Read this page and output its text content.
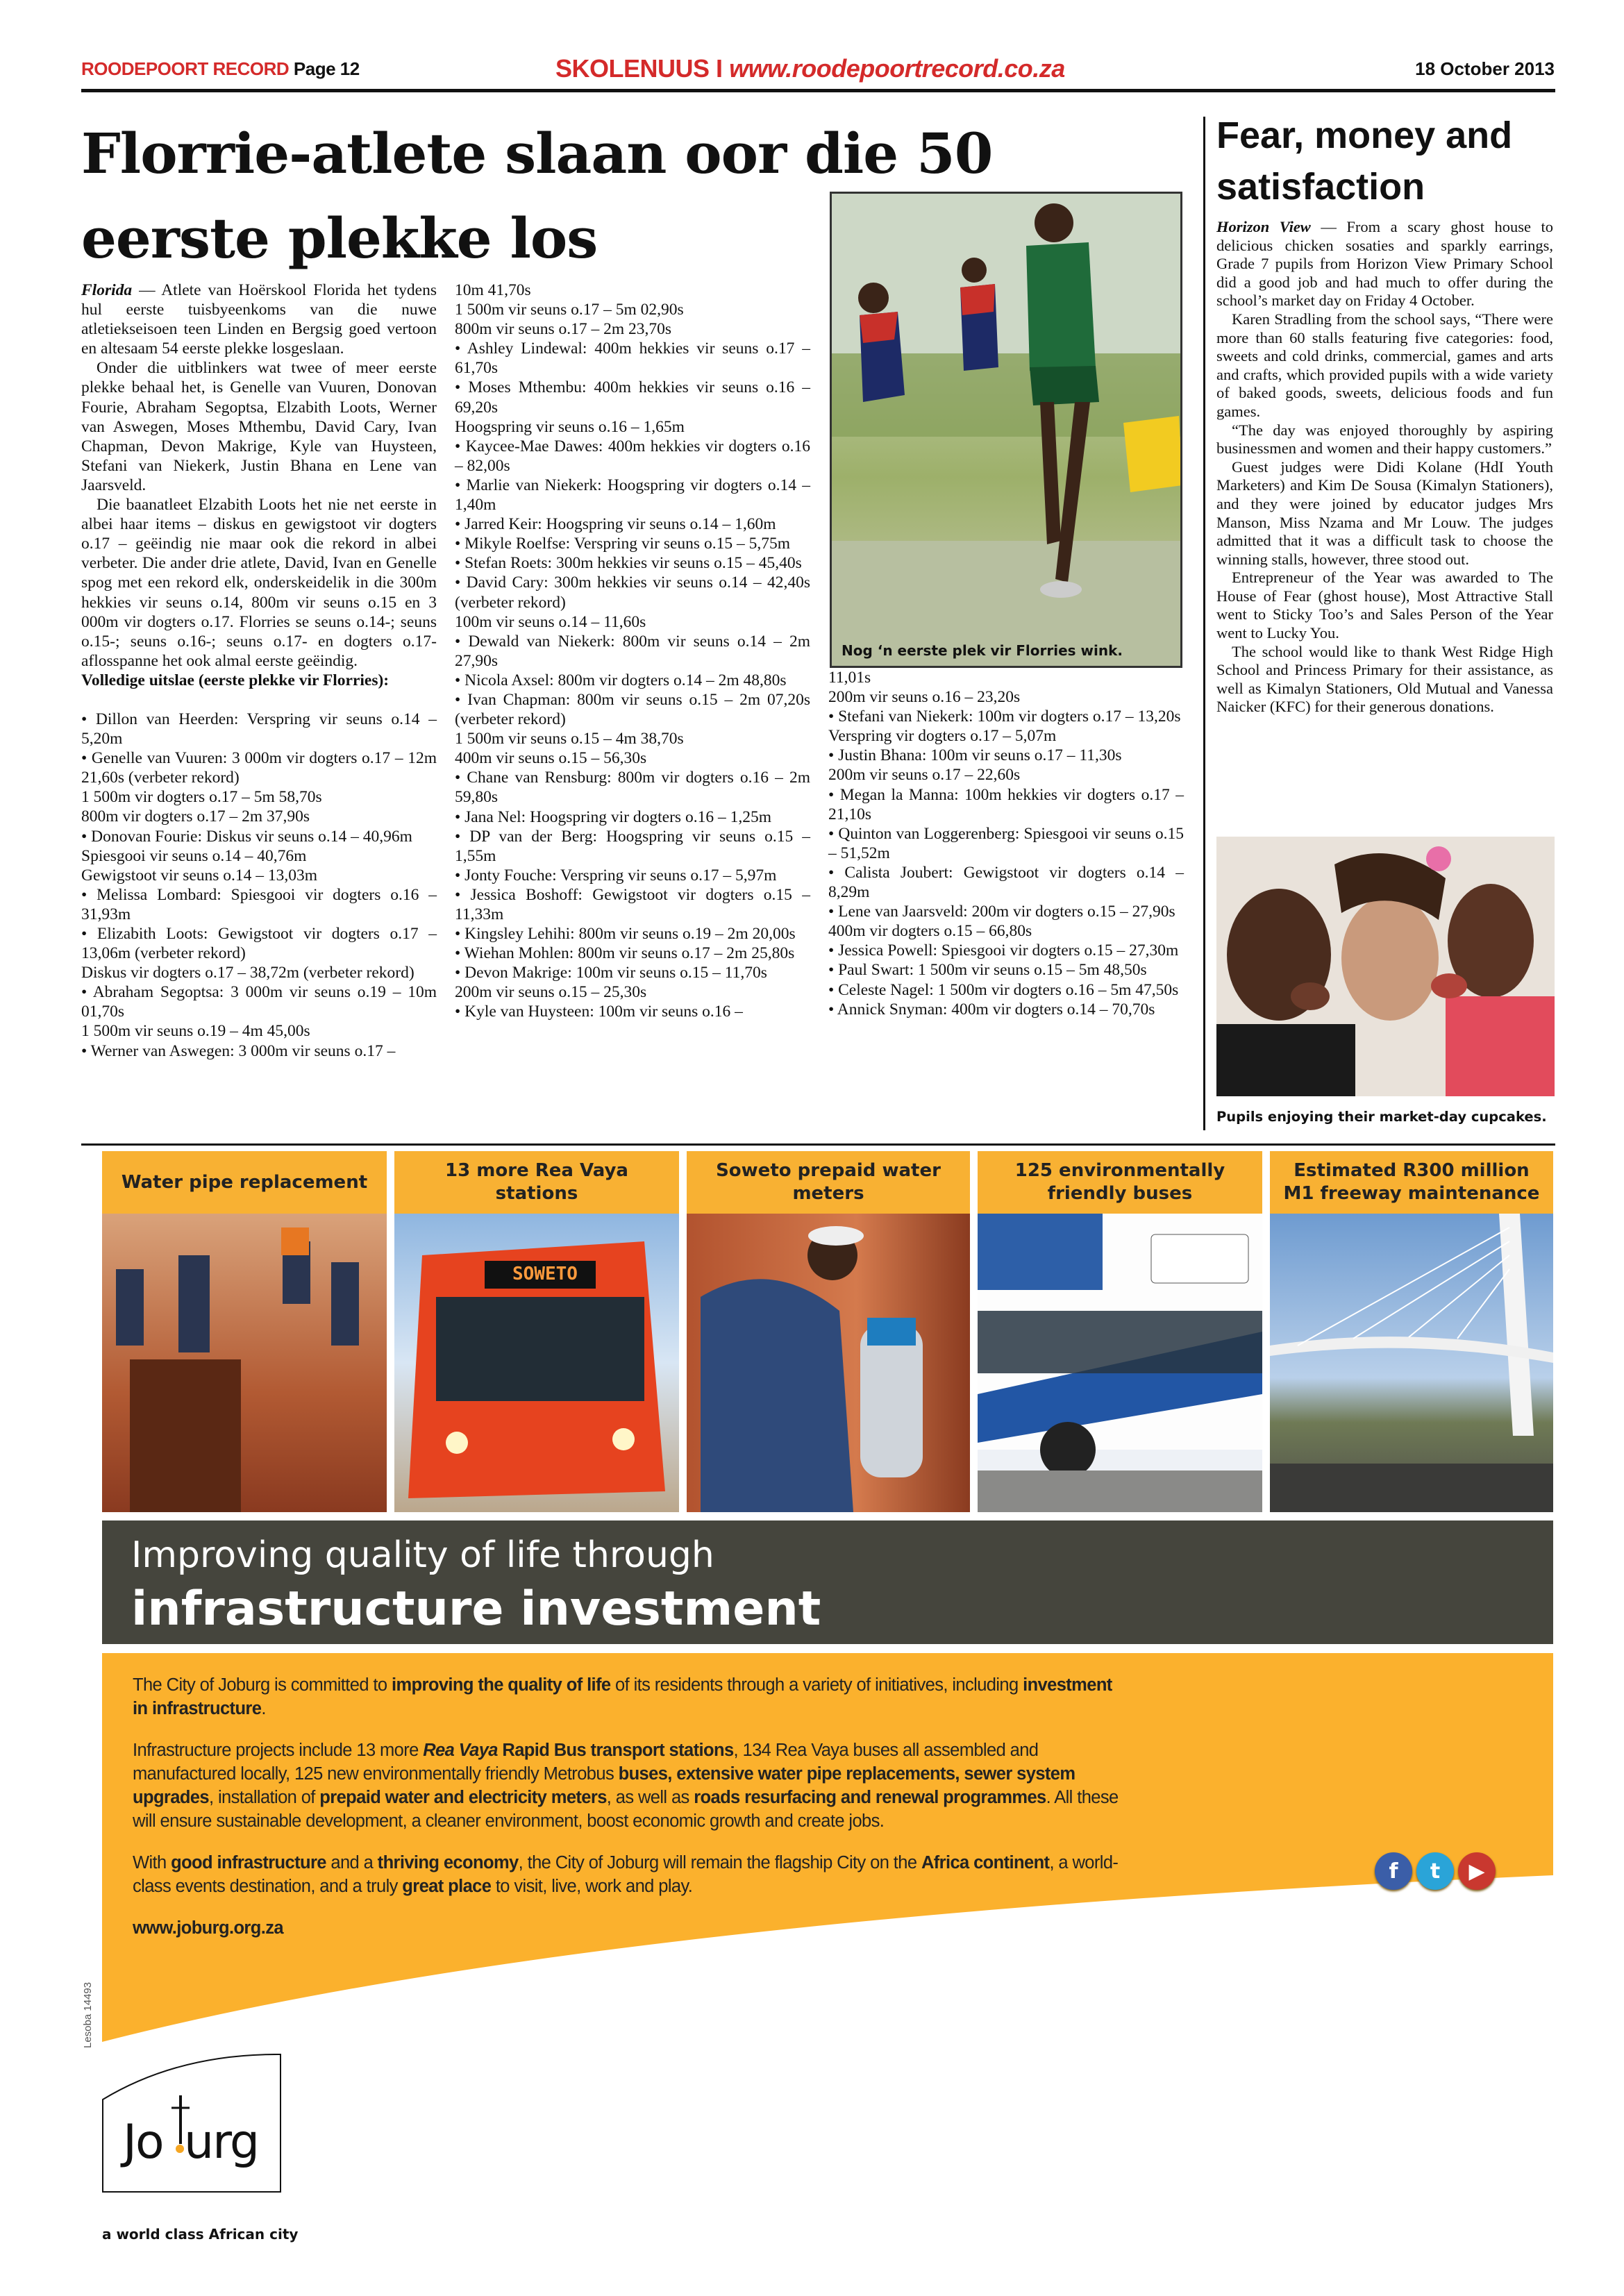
ROODEPOORT RECORD Page 12	SKOLENUUS I www.roodepoortrecord.co.za	18 October 2013
Florrie-atlete slaan oor die 50 eerste plekke los

Florida — Atlete van Hoërskool Florida het tydens hul eerste tuisbyeenkoms van die nuwe atletiekseisoen teen Linden en Bergsig goed vertoon en altesaam 54 eerste plekke losgeslaan.

Onder die uitblinkers wat twee of meer eerste plekke behaal het, is Genelle van Vuuren, Donovan Fourie, Abraham Segoptsa, Elzabith Loots, Werner van Aswegen, Moses Mthembu, David Cary, Ivan Chapman, Devon Makrige, Kyle van Huysteen, Stefani van Niekerk, Justin Bhana en Lene van Jaarsveld.

Die baanatleet Elzabith Loots het nie net eerste in albei haar items – diskus en gewigstoot vir dogters o.17 – geëindig nie maar ook die rekord in albei verbeter. Die ander drie atlete, David, Ivan en Genelle spog met een rekord elk, onderskeidelik in die 300m hekkies vir seuns o.14, 800m vir seuns o.15 en 3 000m vir dogters o.17. Florries se seuns o.14-; seuns o.15-; seuns o.16-; seuns o.17- en dogters o.17-aflosspanne het ook almal eerste geëindig.

Volledige uitslae (eerste plekke vir Florries):

• Dillon van Heerden: Verspring vir seuns o.14 – 5,20m

• Genelle van Vuuren: 3 000m vir dogters o.17 – 12m 21,60s (verbeter rekord)

1 500m vir dogters o.17 – 5m 58,70s

800m vir dogters o.17 – 2m 37,90s

• Donovan Fourie: Diskus vir seuns o.14 – 40,96m

Spiesgooi vir seuns o.14 – 40,76m

Gewigstoot vir seuns o.14 – 13,03m

• Melissa Lombard: Spiesgooi vir dogters o.16 – 31,93m

• Elizabith Loots: Gewigstoot vir dogters o.17 – 13,06m (verbeter rekord)

Diskus vir dogters o.17 – 38,72m (verbeter rekord)

• Abraham Segoptsa: 3 000m vir seuns o.19 – 10m 01,70s

1 500m vir seuns o.19 – 4m 45,00s

• Werner van Aswegen: 3 000m vir seuns o.17 –

10m 41,70s

1 500m vir seuns o.17 – 5m 02,90s

800m vir seuns o.17 – 2m 23,70s

• Ashley Lindewal: 400m hekkies vir seuns o.17 – 61,70s

• Moses Mthembu: 400m hekkies vir seuns o.16 – 69,20s

Hoogspring vir seuns o.16 – 1,65m

• Kaycee-Mae Dawes: 400m hekkies vir dogters o.16 – 82,00s

• Marlie van Niekerk: Hoogspring vir dogters o.14 – 1,40m

• Jarred Keir: Hoogspring vir seuns o.14 – 1,60m

• Mikyle Roelfse: Verspring vir seuns o.15 – 5,75m

• Stefan Roets: 300m hekkies vir seuns o.15 – 45,40s

• David Cary: 300m hekkies vir seuns o.14 – 42,40s (verbeter rekord)

100m vir seuns o.14 – 11,60s

• Dewald van Niekerk: 800m vir seuns o.14 – 2m 27,90s

• Nicola Axsel: 800m vir dogters o.14 – 2m 48,80s

• Ivan Chapman: 800m vir seuns o.15 – 2m 07,20s (verbeter rekord)

1 500m vir seuns o.15 – 4m 38,70s

400m vir seuns o.15 – 56,30s

• Chane van Rensburg: 800m vir dogters o.16 – 2m 59,80s

• Jana Nel: Hoogspring vir dogters o.16 – 1,25m

• DP van der Berg: Hoogspring vir seuns o.15 – 1,55m

• Jonty Fouche: Verspring vir seuns o.17 – 5,97m

• Jessica Boshoff: Gewigstoot vir dogters o.15 – 11,33m

• Kingsley Lehihi: 800m vir seuns o.19 – 2m 20,00s

• Wiehan Mohlen: 800m vir seuns o.17 – 2m 25,80s

• Devon Makrige: 100m vir seuns o.15 – 11,70s

200m vir seuns o.15 – 25,30s

• Kyle van Huysteen: 100m vir seuns o.16 –

11,01s

200m vir seuns o.16 – 23,20s

• Stefani van Niekerk: 100m vir dogters o.17 – 13,20s

Verspring vir dogters o.17 – 5,07m

• Justin Bhana: 100m vir seuns o.17 – 11,30s

200m vir seuns o.17 – 22,60s

• Megan la Manna: 100m hekkies vir dogters o.17 – 21,10s

• Quinton van Loggerenberg: Spiesgooi vir seuns o.15 – 51,52m

• Calista Joubert: Gewigstoot vir dogters o.14 – 8,29m

• Lene van Jaarsveld: 200m vir dogters o.15 – 27,90s

400m vir dogters o.15 – 66,80s

• Jessica Powell: Spiesgooi vir dogters o.15 – 27,30m

• Paul Swart: 1 500m vir seuns o.15 – 5m 48,50s

• Celeste Nagel: 1 500m vir dogters o.16 – 5m 47,50s

• Annick Snyman: 400m vir dogters o.14 – 70,70s

Nog ‘n eerste plek vir Florries wink.
Fear, money and satisfaction

Horizon View — From a scary ghost house to delicious chicken sosaties and sparkly earrings, Grade 7 pupils from Horizon View Primary School did a good job and had much to offer during the school’s market day on Friday 4 October.

Karen Stradling from the school says, “There were more than 60 stalls featuring five categories: food, sweets and cold drinks, commercial, games and arts and crafts, which provided pupils with a wide variety of baked goods, sweets, delicious foods and fun games.

“The day was enjoyed thoroughly by aspiring businessmen and women and their happy customers.”

Guest judges were Didi Kolane (HdI Youth Marketers) and Kim De Sousa (Kimalyn Stationers), and they were joined by educator judges Mrs Manson, Miss Nzama and Mr Louw. The judges admitted that it was a difficult task to choose the winning stalls, however, three stood out.

Entrepreneur of the Year was awarded to The House of Fear (ghost house), Most Attractive Stall went to Sticky Too’s and Sales Person of the Year went to Lucky You.

The school would like to thank West Ridge High School and Princess Primary for their assistance, as well as Kimalyn Stationers, Old Mutual and Vanessa Naicker (KFC) for their generous donations.

Pupils enjoying their market-day cupcakes.
Water pipe replacement
13 more Rea Vaya stations
Soweto prepaid water meters
125 environmentally friendly buses
Estimated R300 million M1 freeway maintenance
SOWETO
Improving quality of life through
infrastructure investment

The City of Joburg is committed to improving the quality of life of its residents through a variety of initiatives, including investment in infrastructure.

Infrastructure projects include 13 more Rea Vaya Rapid Bus transport stations, 134 Rea Vaya buses all assembled and manufactured locally, 125 new environmentally friendly Metrobus buses, extensive water pipe replacements, sewer system upgrades, installation of prepaid water and electricity meters, as well as roads resurfacing and renewal programmes. All these will ensure sustainable development, a cleaner environment, boost economic growth and create jobs.

With good infrastructure and a thriving economy, the City of Joburg will remain the flagship City on the Africa continent, a world-class events destination, and a truly great place to visit, live, work and play.

www.joburg.org.za

f	t	▶
Lesoba 14493
Jo urg
a world class African city
